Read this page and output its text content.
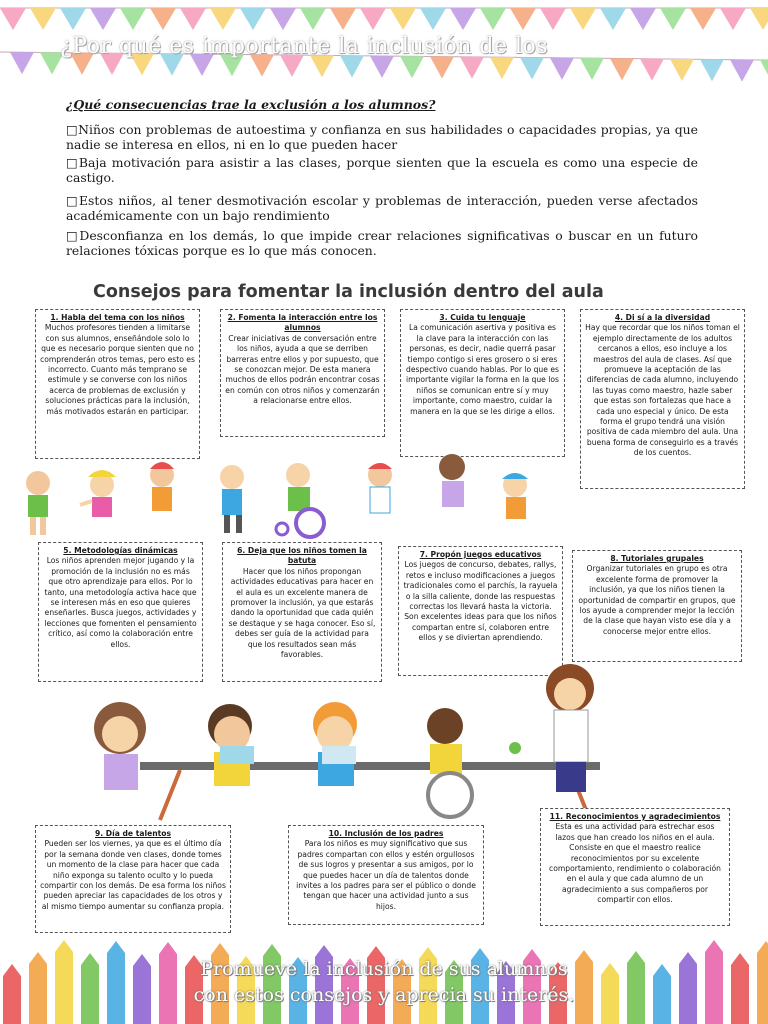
¿Por qué es importante la inclusión de los
¿Qué consecuencias trae la exclusión a los alumnos?
□Niños con problemas de autoestima y confianza en sus habilidades o capacidades propias, ya que nadie se interesa en ellos, ni en lo que pueden hacer
□Baja motivación para asistir a las clases, porque sienten que la escuela es como una especie de castigo.
□Estos niños, al tener desmotivación escolar y problemas de interacción, pueden verse afectados académicamente con un bajo rendimiento
□Desconfianza en los demás, lo que impide crear relaciones significativas o buscar en un futuro relaciones tóxicas porque es lo que más conocen.
Consejos para fomentar la inclusión dentro del aula
1. Habla del tema con los niños
Muchos profesores tienden a limitarse con sus alumnos, enseñándole solo lo que es necesario porque sienten que no comprenderán otros temas, pero esto es incorrecto. Cuanto más temprano se estimule y se converse con los niños acerca de problemas de exclusión y soluciones prácticas para la inclusión, más motivados estarán en participar.
2. Fomenta la interacción entre los alumnos
Crear iniciativas de conversación entre los niños, ayuda a que se derriben barreras entre ellos y por supuesto, que se conozcan mejor. De esta manera muchos de ellos podrán encontrar cosas en común con otros niños y comenzarán a relacionarse entre ellos.
3. Cuida tu lenguaje
La comunicación asertiva y positiva es la clave para la interacción con las personas, es decir, nadie querrá pasar tiempo contigo si eres grosero o si eres despectivo cuando hablas. Por lo que es importante vigilar la forma en la que los niños se comunican entre sí y muy importante, como maestro, cuidar la manera en la que se les dirige a ellos.
4. Di sí a la diversidad
Hay que recordar que los niños toman el ejemplo directamente de los adultos cercanos a ellos, eso incluye a los maestros del aula de clases. Así que promueve la aceptación de las diferencias de cada alumno, incluyendo las tuyas como maestro, hazle saber que estas son fortalezas que hace a cada uno especial y único. De esta forma el grupo tendrá una visión positiva de cada miembro del aula. Una buena forma de conseguirlo es a través de los cuentos.
5. Metodologías dinámicas
Los niños aprenden mejor jugando y la promoción de la inclusión no es más que otro aprendizaje para ellos. Por lo tanto, una metodología activa hace que se interesen más en eso que quieres enseñarles. Busca juegos, actividades y lecciones que fomenten el pensamiento crítico, así como la colaboración entre ellos.
6. Deja que los niños tomen la batuta
Hacer que los niños propongan actividades educativas para hacer en el aula es un excelente manera de promover la inclusión, ya que estarás dando la oportunidad que cada quién se destaque y se haga conocer. Eso sí, debes ser guía de la actividad para que los resultados sean más favorables.
7. Propón juegos educativos
Los juegos de concurso, debates, rallys, retos e incluso modificaciones a juegos tradicionales como el parchís, la rayuela o la silla caliente, donde las respuestas correctas los llevará hasta la victoria. Son excelentes ideas para que los niños compartan entre sí, colaboren entre ellos y se diviertan aprendiendo.
8. Tutoriales grupales
Organizar tutoriales en grupo es otra excelente forma de promover la inclusión, ya que los niños tienen la oportunidad de compartir en grupos, que los ayude a comprender mejor la lección de la clase que hayan visto ese día y a conocerse mejor entre ellos.
9. Día de talentos
Pueden ser los viernes, ya que es el último día por la semana donde ven clases, donde tomes un momento de la clase para hacer que cada niño exponga su talento oculto y lo pueda compartir con los demás. De esa forma los niños pueden apreciar las capacidades de los otros y al mismo tiempo aumentar su confianza propia.
10. Inclusión de los padres
Para los niños es muy significativo que sus padres compartan con ellos y estén orgullosos de sus logros y presentar a sus amigos, por lo que puedes hacer un día de talentos donde invites a los padres para ser el público o donde tengan que hacer una actividad junto a sus hijos.
11. Reconocimientos y agradecimientos
Esta es una actividad para estrechar esos lazos que han creado los niños en el aula. Consiste en que el maestro realice reconocimientos por su excelente comportamiento, rendimiento o colaboración en el aula y que cada alumno de un agradecimiento a sus compañeros por compartir con ellos.
Promueve la inclusión de sus alumnos
con estos consejos y aprecia su interés.
